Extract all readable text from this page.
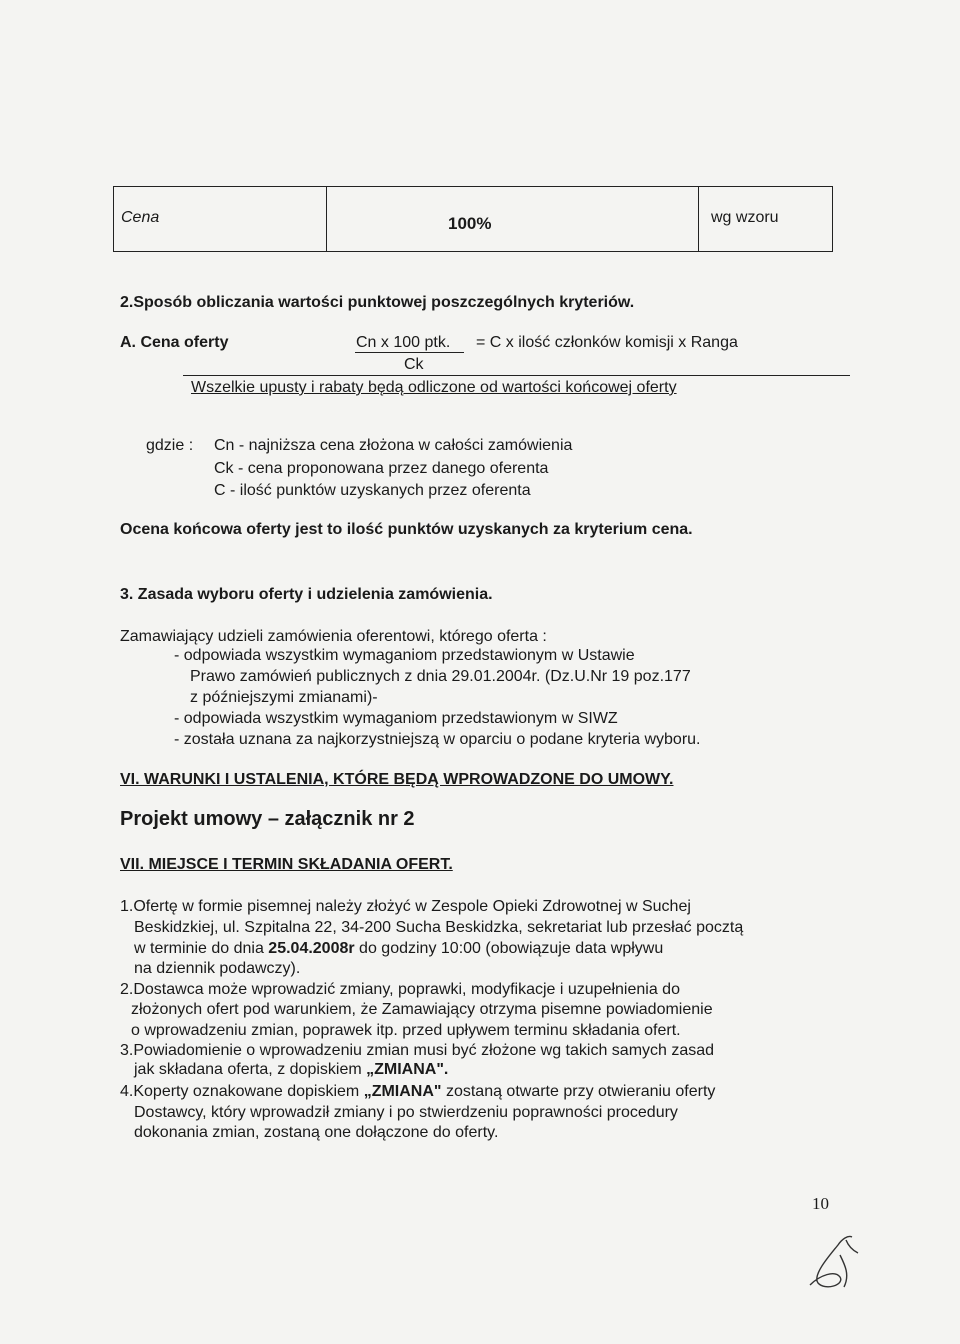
Cena	100%	wg wzoru
2.Sposób obliczania wartości punktowej poszczególnych kryteriów.
A. Cena oferty	Cn x 100 ptk. = C x ilość członków komisji x Ranga
Ck
Wszelkie upusty i rabaty będą odliczone od wartości końcowej oferty
gdzie : Cn - najniższa cena złożona w całości zamówienia
Ck - cena proponowana przez danego oferenta
C - ilość punktów uzyskanych przez oferenta
Ocena końcowa oferty jest to ilość punktów uzyskanych za kryterium cena.
3. Zasada wyboru oferty i udzielenia zamówienia.
Zamawiający udzieli zamówienia oferentowi, którego oferta :
- odpowiada wszystkim wymaganiom przedstawionym w Ustawie
Prawo zamówień publicznych z dnia 29.01.2004r. (Dz.U.Nr 19 poz.177
z późniejszymi zmianami)-
- odpowiada wszystkim wymaganiom przedstawionym w SIWZ
- została uznana za najkorzystniejszą w oparciu o podane kryteria wyboru.
VI. WARUNKI I USTALENIA, KTÓRE BĘDĄ WPROWADZONE DO UMOWY.
Projekt umowy – załącznik nr 2
VII. MIEJSCE I TERMIN SKŁADANIA OFERT.
1.Ofertę w formie pisemnej należy złożyć w Zespole Opieki Zdrowotnej w Suchej
Beskidzkiej, ul. Szpitalna 22, 34-200 Sucha Beskidzka, sekretariat lub przesłać pocztą
w terminie do dnia 25.04.2008r do godziny 10:00 (obowiązuje data wpływu
na dziennik podawczy).
2.Dostawca może wprowadzić zmiany, poprawki, modyfikacje i uzupełnienia do
złożonych ofert pod warunkiem, że Zamawiający otrzyma pisemne powiadomienie
o wprowadzeniu zmian, poprawek itp. przed upływem terminu składania ofert.
3.Powiadomienie o wprowadzeniu zmian musi być złożone wg takich samych zasad
jak składana oferta, z dopiskiem „ZMIANA".
4.Koperty oznakowane dopiskiem „ZMIANA" zostaną otwarte przy otwieraniu oferty
Dostawcy, który wprowadził zmiany i po stwierdzeniu poprawności procedury
dokonania zmian, zostaną one dołączone do oferty.
10
